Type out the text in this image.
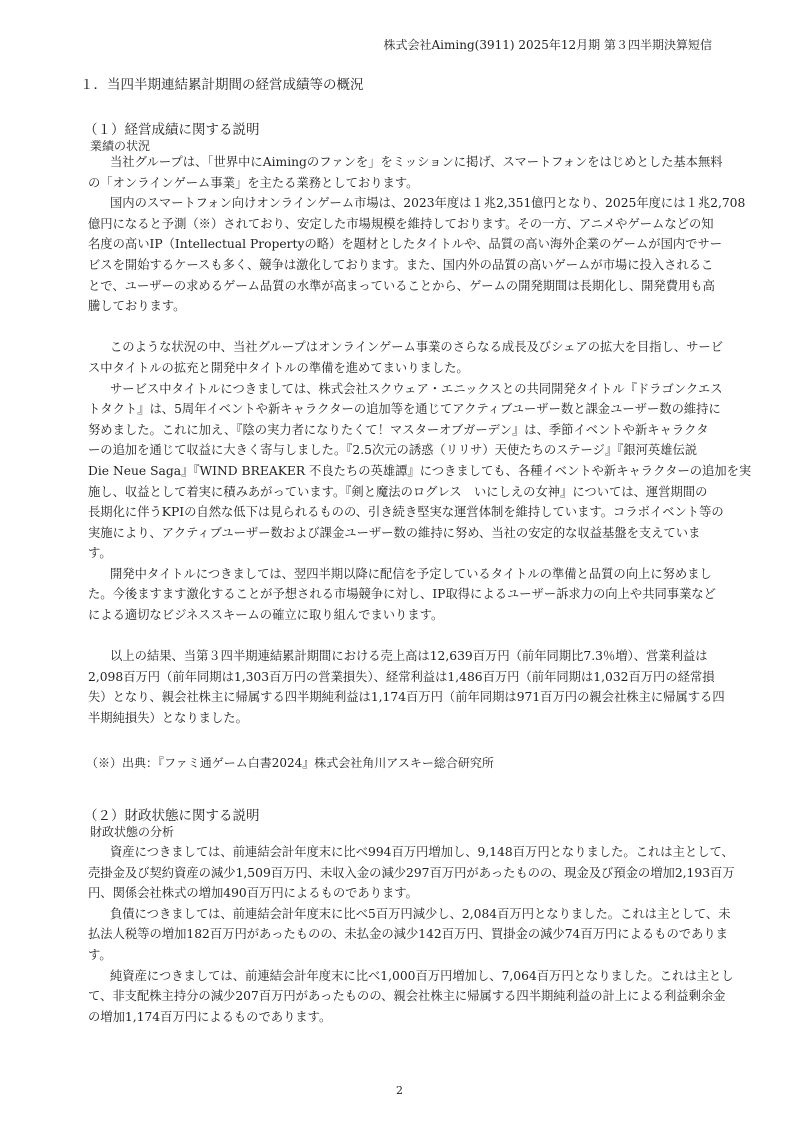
株式会社Aiming(3911) 2025年12月期 第３四半期決算短信
１．当四半期連結累計期間の経営成績等の概況
（１）経営成績に関する説明
業績の状況
当社グループは、「世界中にAimingのファンを」をミッションに掲げ、スマートフォンをはじめとした基本無料
の「オンラインゲーム事業」を主たる業務としております。
国内のスマートフォン向けオンラインゲーム市場は、2023年度は１兆2,351億円となり、2025年度には１兆2,708
億円になると予測（※）されており、安定した市場規模を維持しております。その一方、アニメやゲームなどの知
名度の高いIP（Intellectual Propertyの略）を題材としたタイトルや、品質の高い海外企業のゲームが国内でサー
ビスを開始するケースも多く、競争は激化しております。また、国内外の品質の高いゲームが市場に投入されるこ
とで、ユーザーの求めるゲーム品質の水準が高まっていることから、ゲームの開発期間は長期化し、開発費用も高
騰しております。
このような状況の中、当社グループはオンラインゲーム事業のさらなる成長及びシェアの拡大を目指し、サービ
ス中タイトルの拡充と開発中タイトルの準備を進めてまいりました。
サービス中タイトルにつきましては、株式会社スクウェア・エニックスとの共同開発タイトル『ドラゴンクエス
トタクト』は、5周年イベントや新キャラクターの追加等を通じてアクティブユーザー数と課金ユーザー数の維持に
努めました。これに加え、『陰の実力者になりたくて！マスターオブガーデン』は、季節イベントや新キャラクタ
ーの追加を通じて収益に大きく寄与しました。『2.5次元の誘惑（リリサ）天使たちのステージ』『銀河英雄伝説
Die Neue Saga』『WIND BREAKER 不良たちの英雄譚』につきましても、各種イベントや新キャラクターの追加を実
施し、収益として着実に積みあがっています。『剣と魔法のログレス　いにしえの女神』については、運営期間の
長期化に伴うKPIの自然な低下は見られるものの、引き続き堅実な運営体制を維持しています。コラボイベント等の
実施により、アクティブユーザー数および課金ユーザー数の維持に努め、当社の安定的な収益基盤を支えていま
す。
開発中タイトルにつきましては、翌四半期以降に配信を予定しているタイトルの準備と品質の向上に努めまし
た。今後ますます激化することが予想される市場競争に対し、IP取得によるユーザー訴求力の向上や共同事業など
による適切なビジネススキームの確立に取り組んでまいります。
以上の結果、当第３四半期連結累計期間における売上高は12,639百万円（前年同期比7.3％増）、営業利益は
2,098百万円（前年同期は1,303百万円の営業損失）、経常利益は1,486百万円（前年同期は1,032百万円の経常損
失）となり、親会社株主に帰属する四半期純利益は1,174百万円（前年同期は971百万円の親会社株主に帰属する四
半期純損失）となりました。
（※）出典：『ファミ通ゲーム白書2024』株式会社角川アスキー総合研究所
（２）財政状態に関する説明
財政状態の分析
資産につきましては、前連結会計年度末に比べ994百万円増加し、9,148百万円となりました。これは主として、
売掛金及び契約資産の減少1,509百万円、未収入金の減少297百万円があったものの、現金及び預金の増加2,193百万
円、関係会社株式の増加490百万円によるものであります。
負債につきましては、前連結会計年度末に比べ5百万円減少し、2,084百万円となりました。これは主として、未
払法人税等の増加182百万円があったものの、未払金の減少142百万円、買掛金の減少74百万円によるものでありま
す。
純資産につきましては、前連結会計年度末に比べ1,000百万円増加し、7,064百万円となりました。これは主とし
て、非支配株主持分の減少207百万円があったものの、親会社株主に帰属する四半期純利益の計上による利益剰余金
の増加1,174百万円によるものであります。
2
